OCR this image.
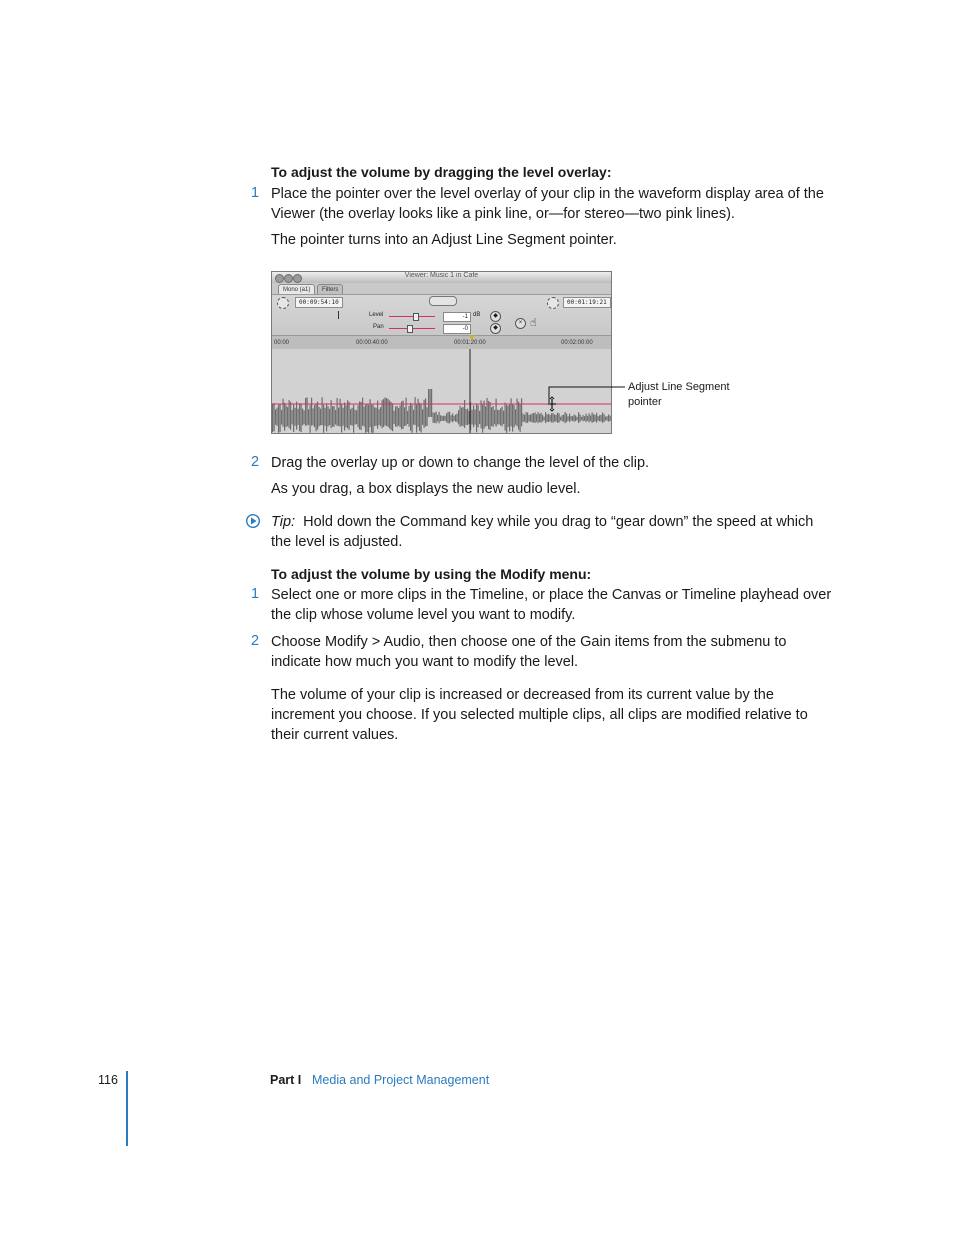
To adjust the volume by dragging the level overlay:
1 Place the pointer over the level overlay of your clip in the waveform display area of the
Viewer (the overlay looks like a pink line, or—for stereo—two pink lines).
The pointer turns into an Adjust Line Segment pointer.
Viewer: Music 1 in Cafe
Mono (a1)	Filters
00:09:54:10	00:01:19:21
Level	-1 dB	◆
Pan	-0	◆
× ☝
00:00	00:00:40:00	00:01:20:00	00:02:00:00
▼
Adjust Line Segment
pointer
2 Drag the overlay up or down to change the level of the clip.
As you drag, a box displays the new audio level.
Tip: Hold down the Command key while you drag to “gear down” the speed at which
the level is adjusted.
To adjust the volume by using the Modify menu:
1 Select one or more clips in the Timeline, or place the Canvas or Timeline playhead over
the clip whose volume level you want to modify.
2 Choose Modify > Audio, then choose one of the Gain items from the submenu to
indicate how much you want to modify the level.
The volume of your clip is increased or decreased from its current value by the
increment you choose. If you selected multiple clips, all clips are modified relative to
their current values.
116	Part I Media and Project Management
